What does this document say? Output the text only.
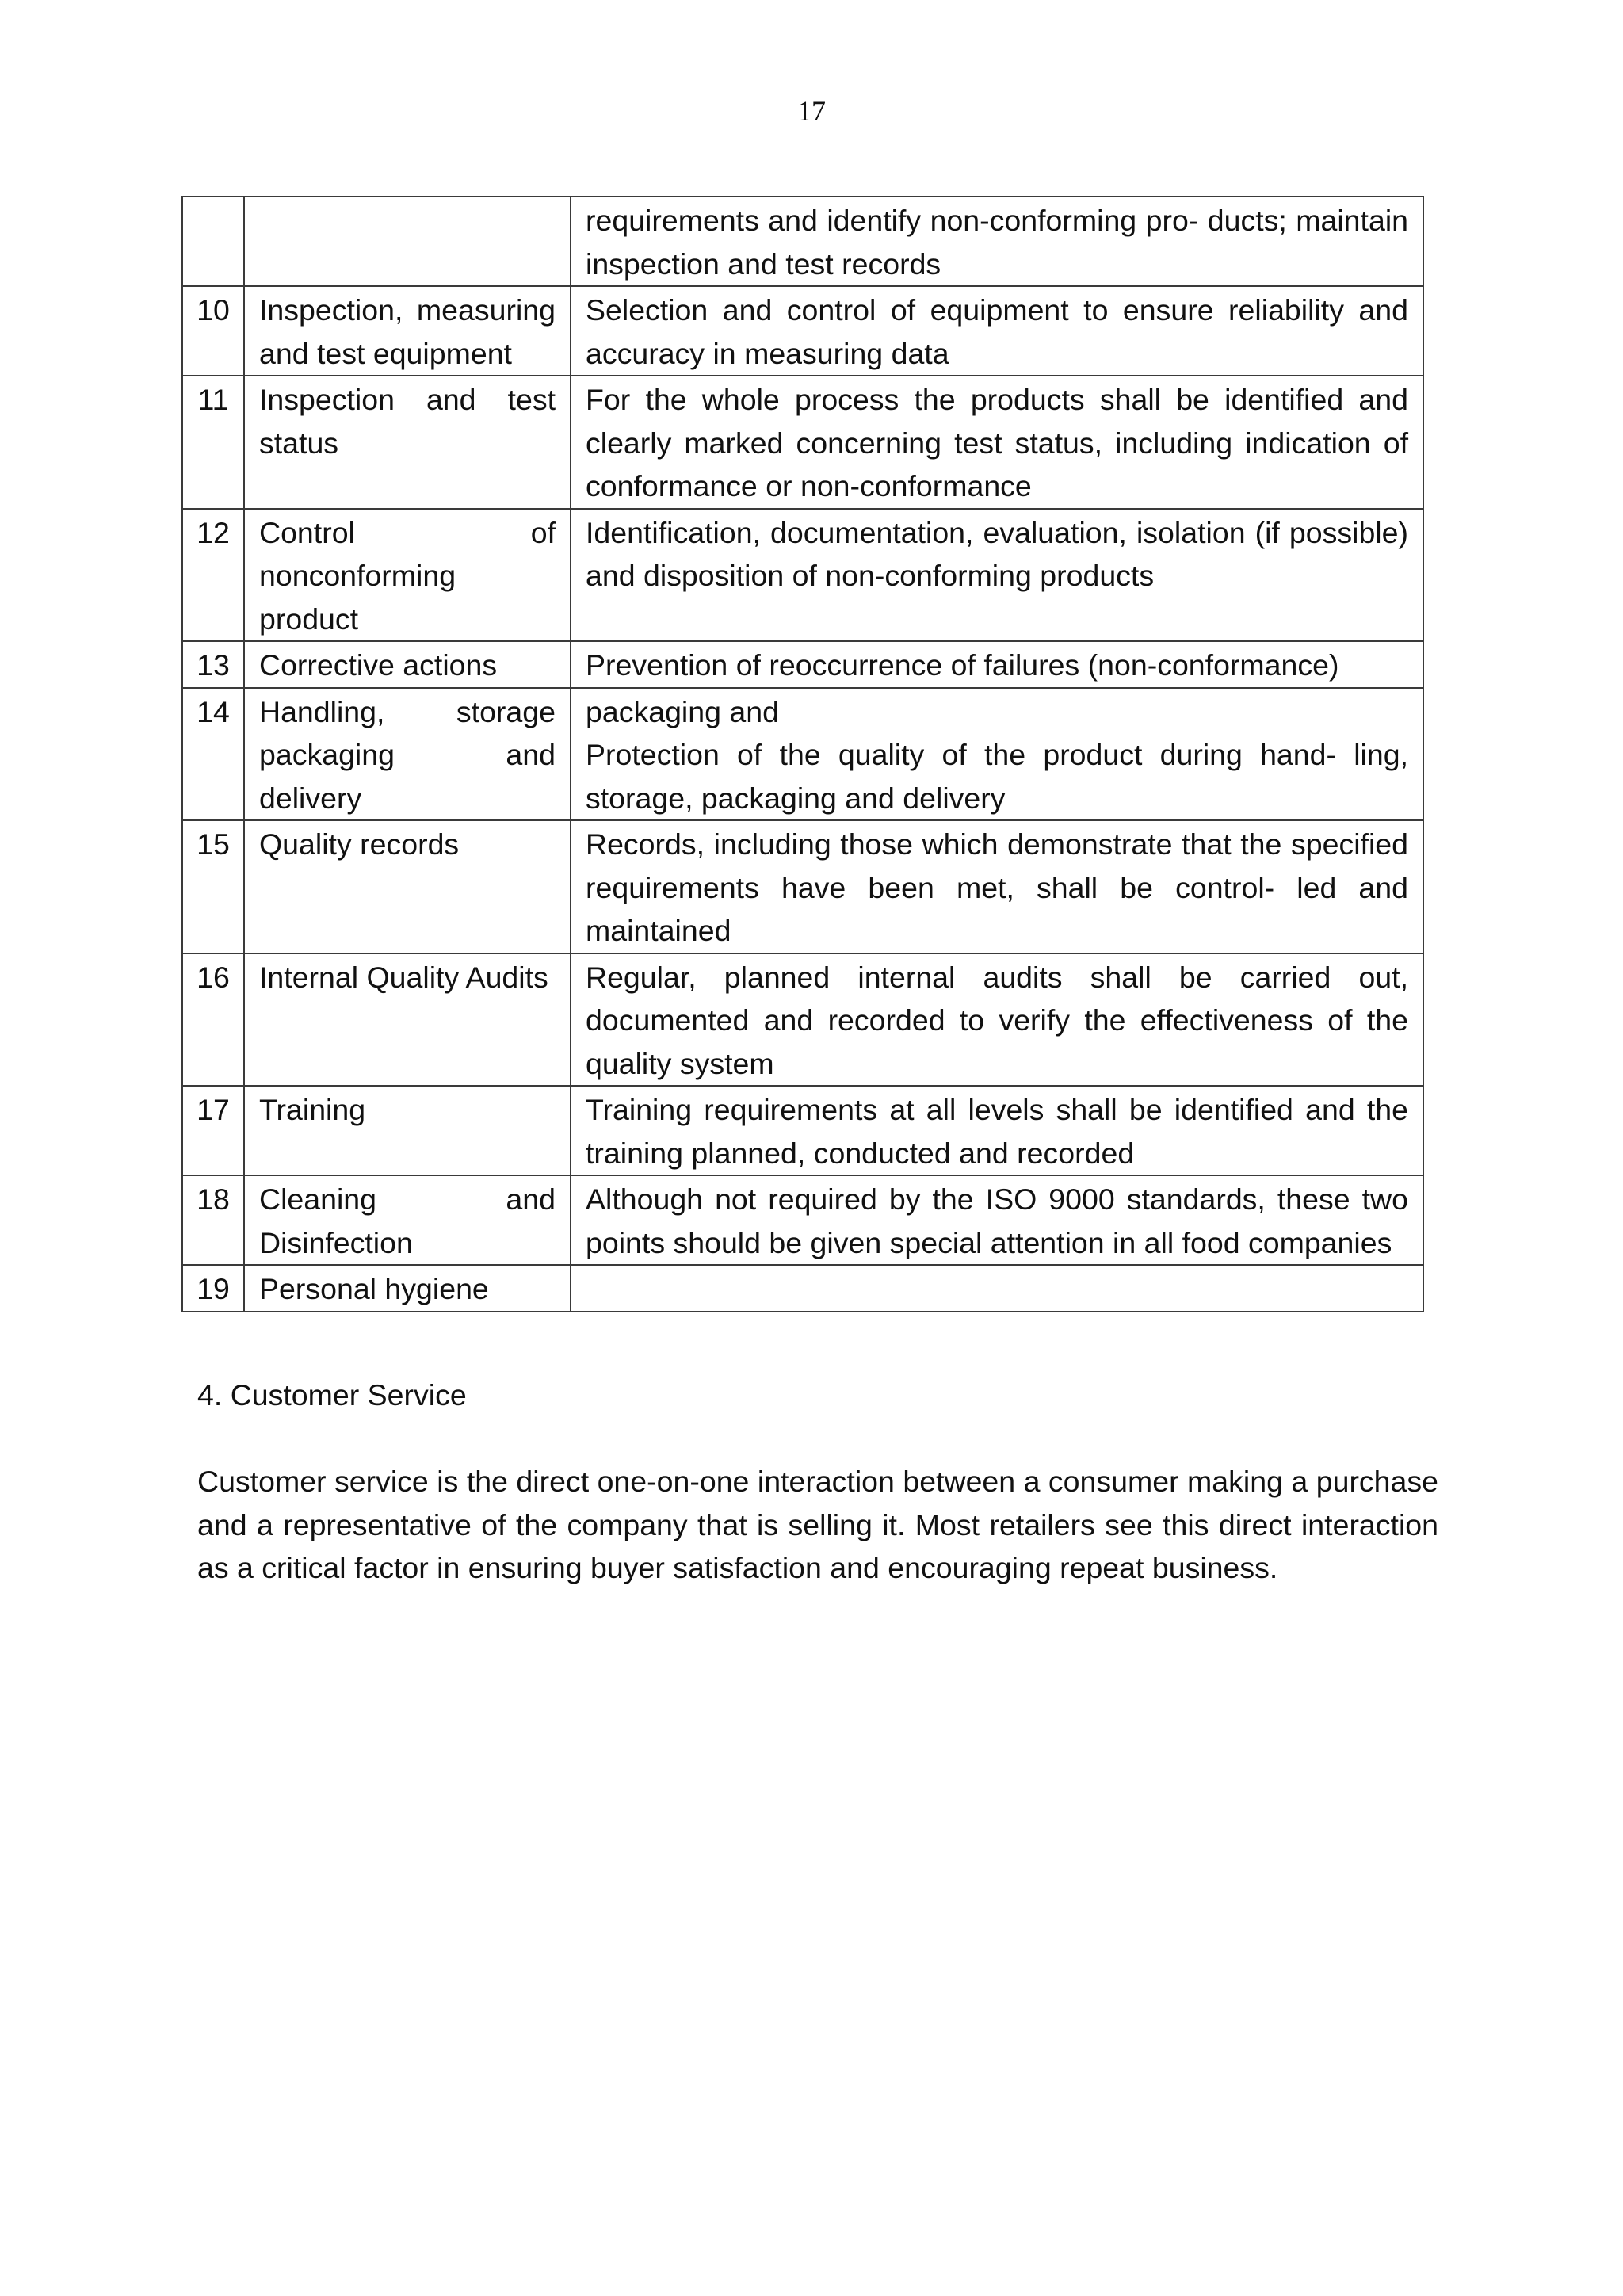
17
		requirements and identify non-conforming pro- ducts; maintain inspection and test records
10	Inspection, measuring and test equipment	Selection and control of equipment to ensure reliability and accuracy in measuring data
11	Inspection and test status	For the whole process the products shall be identified and clearly marked concerning test status, including indication of conformance or non-conformance
12	Control of nonconforming product	Identification, documentation, evaluation, isolation (if possible) and disposition of non-conforming products
13	Corrective actions	Prevention of reoccurrence of failures (non-conformance)
14	Handling, storage packaging and delivery	packaging and
Protection of the quality of the product during hand- ling, storage, packaging and delivery

15	Quality records	Records, including those which demonstrate that the specified requirements have been met, shall be control- led and maintained
16	Internal Quality Audits	Regular, planned internal audits shall be carried out, documented and recorded to verify the effectiveness of the quality system
17	Training	Training requirements at all levels shall be identified and the training planned, conducted and recorded
18	Cleaning and Disinfection	Although not required by the ISO 9000 standards, these two points should be given special attention in all food companies
19	Personal hygiene	
4. Customer Service

Customer service is the direct one-on-one interaction between a consumer making a purchase and a representative of the company that is selling it. Most retailers see this direct interaction as a critical factor in ensuring buyer satisfaction and encouraging repeat business.
